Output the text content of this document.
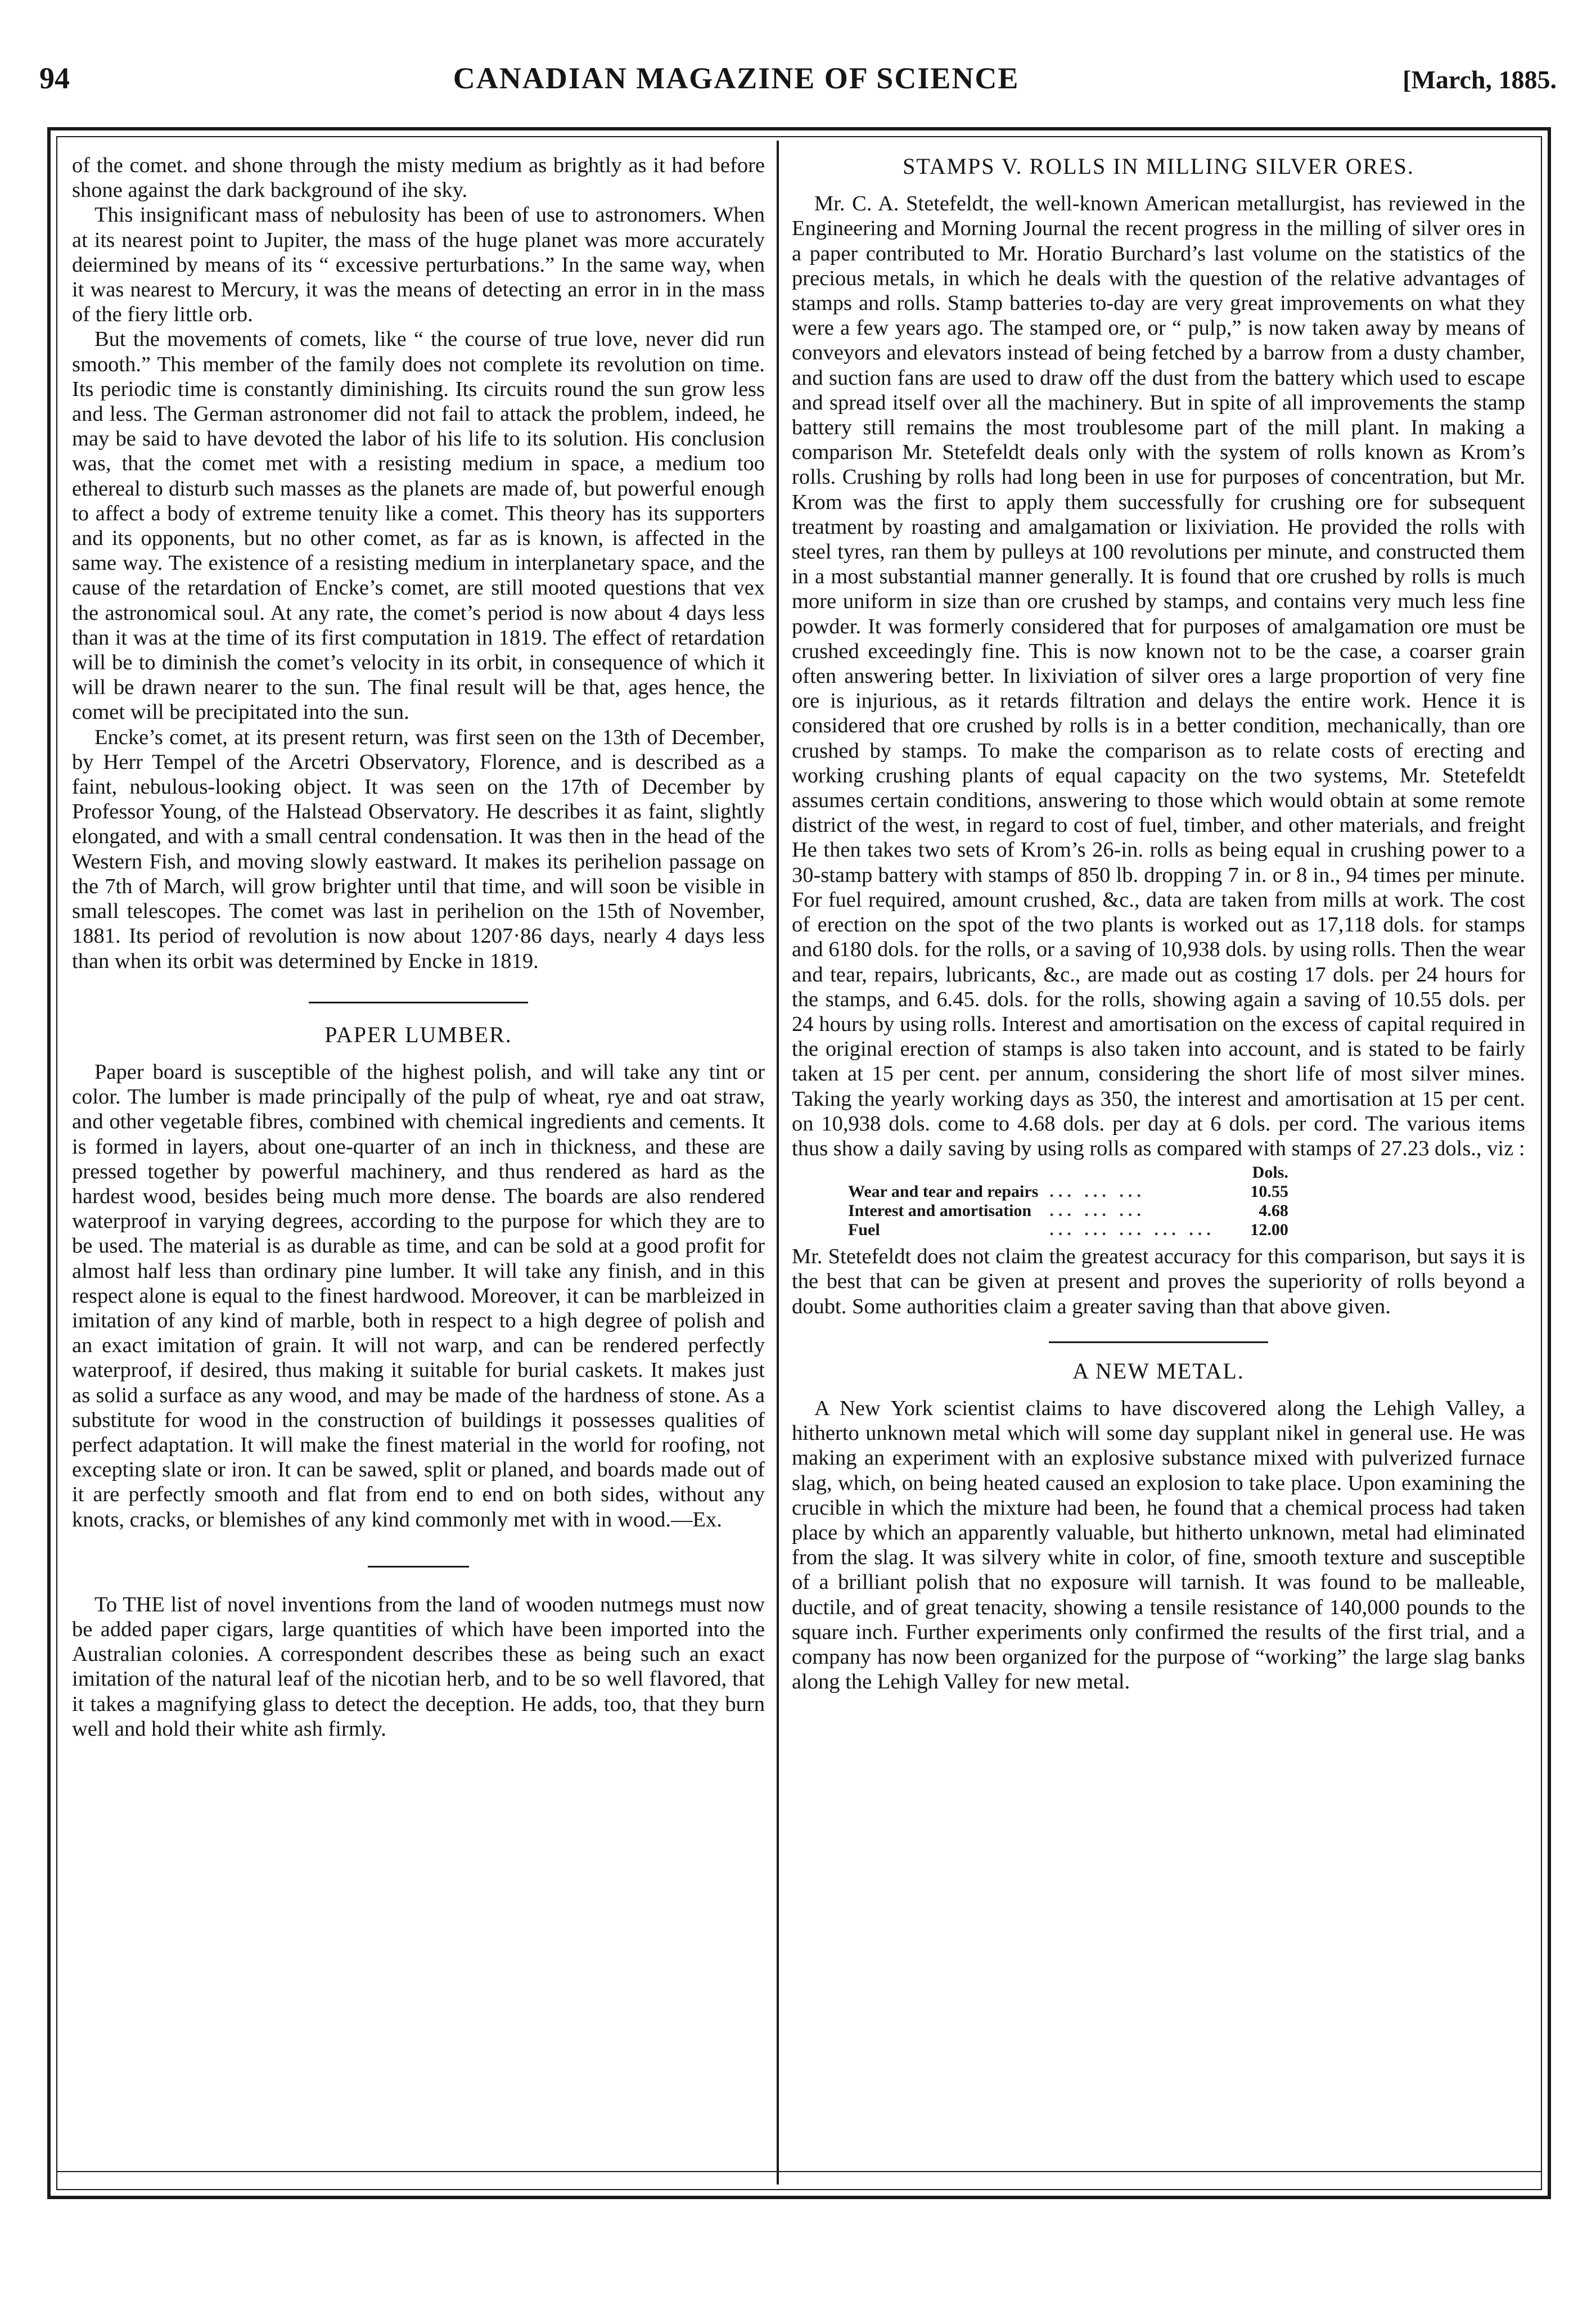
94	CANADIAN MAGAZINE OF SCIENCE	[March, 1885.

of the comet. and shone through the misty medium as brightly as it had before shone against the dark background of ihe sky.

This insignificant mass of nebulosity has been of use to astronomers. When at its nearest point to Jupiter, the mass of the huge planet was more accurately deiermined by means of its “ excessive perturbations.” In the same way, when it was nearest to Mercury, it was the means of detecting an error in in the mass of the fiery little orb.

But the movements of comets, like “ the course of true love, never did run smooth.” This member of the family does not complete its revolution on time. Its periodic time is constantly diminishing. Its circuits round the sun grow less and less. The German astronomer did not fail to attack the problem, indeed, he may be said to have devoted the labor of his life to its solution. His conclusion was, that the comet met with a resisting medium in space, a medium too ethereal to disturb such masses as the planets are made of, but powerful enough to affect a body of extreme tenuity like a comet. This theory has its supporters and its opponents, but no other comet, as far as is known, is affected in the same way. The existence of a resisting medium in interplanetary space, and the cause of the retardation of Encke’s comet, are still mooted questions that vex the astronomical soul. At any rate, the comet’s period is now about 4 days less than it was at the time of its first computation in 1819. The effect of retardation will be to diminish the comet’s velocity in its orbit, in consequence of which it will be drawn nearer to the sun. The final result will be that, ages hence, the comet will be precipitated into the sun.

Encke’s comet, at its present return, was first seen on the 13th of December, by Herr Tempel of the Arcetri Observatory, Florence, and is described as a faint, nebulous-looking object. It was seen on the 17th of December by Professor Young, of the Halstead Observatory. He describes it as faint, slightly elongated, and with a small central condensation. It was then in the head of the Western Fish, and moving slowly eastward. It makes its perihelion passage on the 7th of March, will grow brighter until that time, and will soon be visible in small telescopes. The comet was last in perihelion on the 15th of November, 1881. Its period of revolution is now about 1207·86 days, nearly 4 days less than when its orbit was determined by Encke in 1819.

PAPER LUMBER.

Paper board is susceptible of the highest polish, and will take any tint or color. The lumber is made principally of the pulp of wheat, rye and oat straw, and other vegetable fibres, combined with chemical ingredients and cements. It is formed in layers, about one-quarter of an inch in thickness, and these are pressed together by powerful machinery, and thus rendered as hard as the hardest wood, besides being much more dense. The boards are also rendered waterproof in varying degrees, according to the purpose for which they are to be used. The material is as durable as time, and can be sold at a good profit for almost half less than ordinary pine lumber. It will take any finish, and in this respect alone is equal to the finest hardwood. Moreover, it can be marbleized in imitation of any kind of marble, both in respect to a high degree of polish and an exact imitation of grain. It will not warp, and can be rendered perfectly waterproof, if desired, thus making it suitable for burial caskets. It makes just as solid a surface as any wood, and may be made of the hardness of stone. As a substitute for wood in the construction of buildings it possesses qualities of perfect adaptation. It will make the finest material in the world for roofing, not excepting slate or iron. It can be sawed, split or planed, and boards made out of it are perfectly smooth and flat from end to end on both sides, without any knots, cracks, or blemishes of any kind commonly met with in wood.—Ex.

To THE list of novel inventions from the land of wooden nutmegs must now be added paper cigars, large quantities of which have been imported into the Australian colonies. A correspondent describes these as being such an exact imitation of the natural leaf of the nicotian herb, and to be so well flavored, that it takes a magnifying glass to detect the deception. He adds, too, that they burn well and hold their white ash firmly.

STAMPS V. ROLLS IN MILLING SILVER ORES.

Mr. C. A. Stetefeldt, the well-known American metallurgist, has reviewed in the Engineering and Morning Journal the recent progress in the milling of silver ores in a paper contributed to Mr. Horatio Burchard’s last volume on the statistics of the precious metals, in which he deals with the question of the relative advantages of stamps and rolls. Stamp batteries to-day are very great improvements on what they were a few years ago. The stamped ore, or “ pulp,” is now taken away by means of conveyors and elevators instead of being fetched by a barrow from a dusty chamber, and suction fans are used to draw off the dust from the battery which used to escape and spread itself over all the machinery. But in spite of all improvements the stamp battery still remains the most troublesome part of the mill plant. In making a comparison Mr. Stetefeldt deals only with the system of rolls known as Krom’s rolls. Crushing by rolls had long been in use for purposes of concentration, but Mr. Krom was the first to apply them successfully for crushing ore for subsequent treatment by roasting and amalgamation or lixiviation. He provided the rolls with steel tyres, ran them by pulleys at 100 revolutions per minute, and constructed them in a most substantial manner generally. It is found that ore crushed by rolls is much more uniform in size than ore crushed by stamps, and contains very much less fine powder. It was formerly considered that for purposes of amalgamation ore must be crushed exceedingly fine. This is now known not to be the case, a coarser grain often answering better. In lixiviation of silver ores a large proportion of very fine ore is injurious, as it retards filtration and delays the entire work. Hence it is considered that ore crushed by rolls is in a better condition, mechanically, than ore crushed by stamps. To make the comparison as to relate costs of erecting and working crushing plants of equal capacity on the two systems, Mr. Stetefeldt assumes certain conditions, answering to those which would obtain at some remote district of the west, in regard to cost of fuel, timber, and other materials, and freight He then takes two sets of Krom’s 26-in. rolls as being equal in crushing power to a 30-stamp battery with stamps of 850 lb. dropping 7 in. or 8 in., 94 times per minute. For fuel required, amount crushed, &c., data are taken from mills at work. The cost of erection on the spot of the two plants is worked out as 17,118 dols. for stamps and 6180 dols. for the rolls, or a saving of 10,938 dols. by using rolls. Then the wear and tear, repairs, lubricants, &c., are made out as costing 17 dols. per 24 hours for the stamps, and 6.45. dols. for the rolls, showing again a saving of 10.55 dols. per 24 hours by using rolls. Interest and amortisation on the excess of capital required in the original erection of stamps is also taken into account, and is stated to be fairly taken at 15 per cent. per annum, considering the short life of most silver mines. Taking the yearly working days as 350, the interest and amortisation at 15 per cent. on 10,938 dols. come to 4.68 dols. per day at 6 dols. per cord. The various items thus show a daily saving by using rolls as compared with stamps of 27.23 dols., viz :

		Dols.
Wear and tear and repairs	... ... ...	10.55
Interest and amortisation	... ... ...	4.68
Fuel	... ... ... ... ...	12.00

Mr. Stetefeldt does not claim the greatest accuracy for this comparison, but says it is the best that can be given at present and proves the superiority of rolls beyond a doubt. Some authorities claim a greater saving than that above given.

A NEW METAL.

A New York scientist claims to have discovered along the Lehigh Valley, a hitherto unknown metal which will some day supplant nikel in general use. He was making an experiment with an explosive substance mixed with pulverized furnace slag, which, on being heated caused an explosion to take place. Upon examining the crucible in which the mixture had been, he found that a chemical process had taken place by which an apparently valuable, but hitherto unknown, metal had eliminated from the slag. It was silvery white in color, of fine, smooth texture and susceptible of a brilliant polish that no exposure will tarnish. It was found to be malleable, ductile, and of great tenacity, showing a tensile resistance of 140,000 pounds to the square inch. Further experiments only confirmed the results of the first trial, and a company has now been organized for the purpose of “working” the large slag banks along the Lehigh Valley for new metal.
